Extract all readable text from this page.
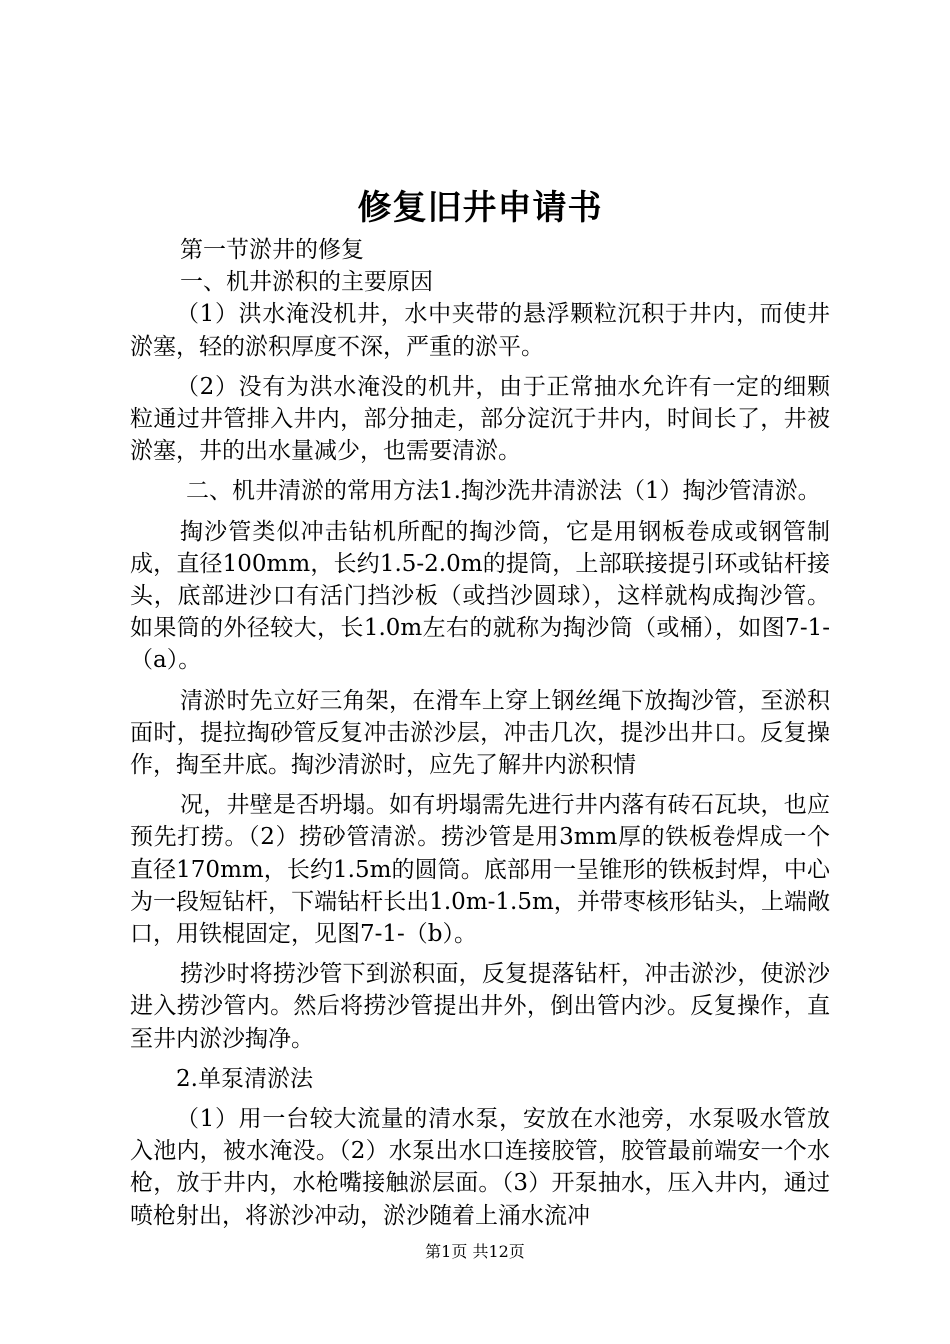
修复旧井申请书

第一节淤井的修复

一、机井淤积的主要原因

（1）洪水淹没机井，水中夹带的悬浮颗粒沉积于井内，而使井淤塞，轻的淤积厚度不深，严重的淤平。

（2）没有为洪水淹没的机井，由于正常抽水允许有一定的细颗粒通过井管排入井内，部分抽走，部分淀沉于井内，时间长了，井被淤塞，井的出水量减少，也需要清淤。

二、机井清淤的常用方法1.掏沙洗井清淤法（1）掏沙管清淤。

掏沙管类似冲击钻机所配的掏沙筒，它是用钢板卷成或钢管制成，直径100mm，长约1.5-2.0m的提筒，上部联接提引环或钻杆接头，底部进沙口有活门挡沙板（或挡沙圆球），这样就构成掏沙管。如果筒的外径较大，长1.0m左右的就称为掏沙筒（或桶），如图7-1-（a）。

清淤时先立好三角架，在滑车上穿上钢丝绳下放掏沙管，至淤积面时，提拉掏砂管反复冲击淤沙层，冲击几次，提沙出井口。反复操作，掏至井底。掏沙清淤时，应先了解井内淤积情

况，井壁是否坍塌。如有坍塌需先进行井内落有砖石瓦块，也应预先打捞。（2）捞砂管清淤。捞沙管是用3mm厚的铁板卷焊成一个直径170mm，长约1.5m的圆筒。底部用一呈锥形的铁板封焊，中心为一段短钻杆，下端钻杆长出1.0m-1.5m，并带枣核形钻头，上端敞口，用铁棍固定，见图7-1-（b）。

捞沙时将捞沙管下到淤积面，反复提落钻杆，冲击淤沙，使淤沙进入捞沙管内。然后将捞沙管提出井外，倒出管内沙。反复操作，直至井内淤沙掏净。

2.单泵清淤法

（1）用一台较大流量的清水泵，安放在水池旁，水泵吸水管放入池内，被水淹没。（2）水泵出水口连接胶管，胶管最前端安一个水枪，放于井内，水枪嘴接触淤层面。（3）开泵抽水，压入井内，通过喷枪射出，将淤沙冲动，淤沙随着上涌水流冲

第1页 共12页
